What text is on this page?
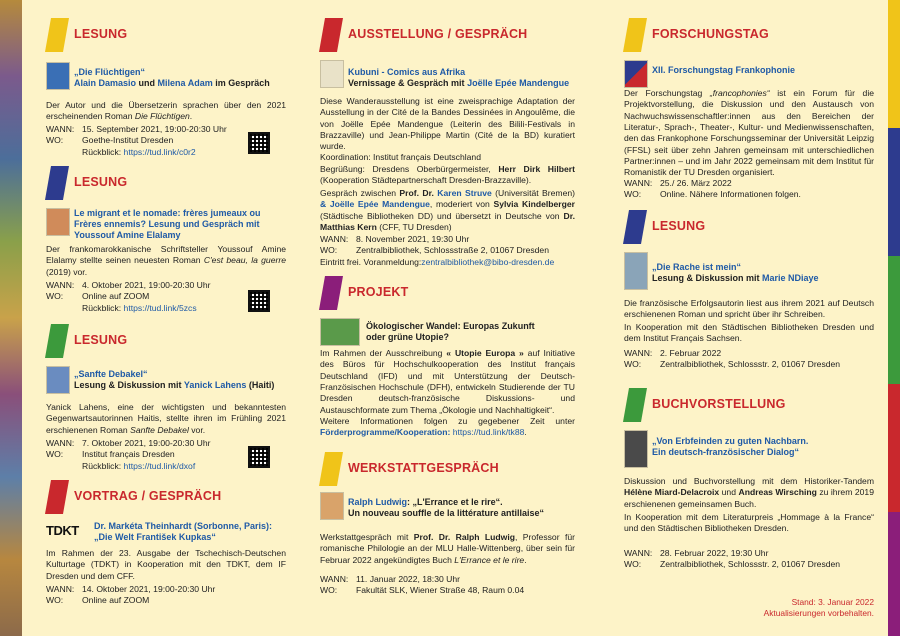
LESUNG
„Die Flüchtigen“
Alain Damasio und Milena Adam im Gespräch
Der Autor und die Übersetzerin sprachen über den 2021 erscheinenden Roman Die Flüchtigen.
WANN: 15. September 2021, 19:00-20:30 Uhr
WO:	Goethe-Institut Dresden
Rückblick: https://tud.link/c0r2
LESUNG
Le migrant et le nomade: frères jumeaux ou
Frères ennemis? Lesung und Gespräch mit
Youssouf Amine Elalamy
Der frankomarokkanische Schriftsteller Youssouf Amine Elalamy stellte seinen neuesten Roman C'est beau, la guerre (2019) vor.
WANN: 4. Oktober 2021, 19:00-20:30 Uhr
WO:	Online auf ZOOM
Rückblick: https://tud.link/5zcs
LESUNG
„Sanfte Debakel“
Lesung & Diskussion mit Yanick Lahens (Haiti)
Yanick Lahens, eine der wichtigsten und bekanntesten Gegenwartsautorinnen Haitis, stellte ihren im Frühling 2021 erschienenen Roman Sanfte Debakel vor.
WANN: 7. Oktober 2021, 19:00-20:30 Uhr
WO:	Institut français Dresden
Rückblick: https://tud.link/dxof
VORTRAG / GESPRÄCH
TDKT	Dr. Markéta Theinhardt (Sorbonne, Paris):
„Die Welt František Kupkas“
Im Rahmen der 23. Ausgabe der Tschechisch-Deutschen Kulturtage (TDKT) in Kooperation mit den TDKT, dem IF Dresden und dem CFF.
WANN: 14. Oktober 2021, 19:00-20:30 Uhr
WO:	Online auf ZOOM
AUSSTELLUNG / GESPRÄCH
Kubuni - Comics aus Afrika
Vernissage & Gespräch mit Joëlle Epée Mandengue
Diese Wanderausstellung ist eine zweisprachige Adaptation der Ausstellung in der Cité de la Bandes Dessinées in Angoulême, die von Joëlle Epée Mandengue (Leiterin des Bilili-Festivals in Brazzaville) und Jean-Philippe Martin (Cité de la BD) kuratiert wurde.
Koordination: Institut français Deutschland
Begrüßung: Dresdens Oberbürgermeister, Herr Dirk Hilbert (Kooperation Städtepartnerschaft Dresden-Brazzaville).
Gespräch zwischen Prof. Dr. Karen Struve (Universität Bremen) & Joëlle Epée Mandengue, moderiert von Sylvia Kindelberger (Städtische Bibliotheken DD) und übersetzt in Deutsche von Dr. Matthias Kern (CFF, TU Dresden)
WANN: 8. November 2021, 19:30 Uhr
WO:	Zentralbibliothek, Schlossstraße 2, 01067 Dresden
Eintritt frei. Voranmeldung: zentralbibliothek@bibo-dresden.de
PROJEKT
Ökologischer Wandel: Europas Zukunft
oder grüne Utopie?
Im Rahmen der Ausschreibung « Utopie Europa » auf Initiative des Büros für Hochschulkooperation des Institut français Deutschland (IFD) und mit Unterstützung der Deutsch-Französischen Hochschule (DFH), entwickeln Studierende der TU Dresden deutsch-französische Diskussions- und Austauschformate zum Thema „Ökologie und Nachhaltigkeit“.
Weitere Informationen folgen zu gegebener Zeit unter Förderprogramme/Kooperation: https://tud.link/tk88.
WERKSTATTGESPRÄCH
Ralph Ludwig: „L'Errance et le rire“.
Un nouveau souffle de la littérature antillaise“
Werkstattgespräch mit Prof. Dr. Ralph Ludwig, Professor für romanische Philologie an der MLU Halle-Wittenberg, über sein für Februar 2022 angekündigtes Buch L'Errance et le rire.
WANN: 11. Januar 2022, 18:30 Uhr
WO:	Fakultät SLK, Wiener Straße 48, Raum 0.04
FORSCHUNGSTAG
XII. Forschungstag Frankophonie
Der Forschungstag „francophonies“ ist ein Forum für die Projektvorstellung, die Diskussion und den Austausch von Nachwuchswissenschaftler:innen aus den Bereichen der Literatur-, Sprach-, Theater-, Kultur- und Medienwissenschaften, den das Frankophone Forschungsseminar der Universität Leipzig (FFSL) seit über zehn Jahren gemeinsam mit unterschiedlichen Partner:innen – und im Jahr 2022 gemeinsam mit dem Institut für Romanistik der TU Dresden organisiert.
WANN: 25./ 26. März 2022
WO:	Online. Nähere Informationen folgen.
LESUNG
„Die Rache ist mein“
Lesung & Diskussion mit Marie NDiaye
Die französische Erfolgsautorin liest aus ihrem 2021 auf Deutsch erschienenen Roman und spricht über ihr Schreiben.
In Kooperation mit den Städtischen Bibliotheken Dresden und dem Institut Français Sachsen.
WANN: 2. Februar 2022
WO:	Zentralbibliothek, Schlossstr. 2, 01067 Dresden
BUCHVORSTELLUNG
„Von Erbfeinden zu guten Nachbarn.
Ein deutsch-französischer Dialog“
Diskussion und Buchvorstellung mit dem Historiker-Tandem Hélène Miard-Delacroix und Andreas Wirsching zu ihrem 2019 erschienenen gemeinsamen Buch.
In Kooperation mit dem Literaturpreis „Hommage à la France“ und den Städtischen Bibliotheken Dresden.
WANN: 28. Februar 2022, 19:30 Uhr
WO:	Zentralbibliothek, Schlossstr. 2, 01067 Dresden
Stand: 3. Januar 2022
Aktualisierungen vorbehalten.
